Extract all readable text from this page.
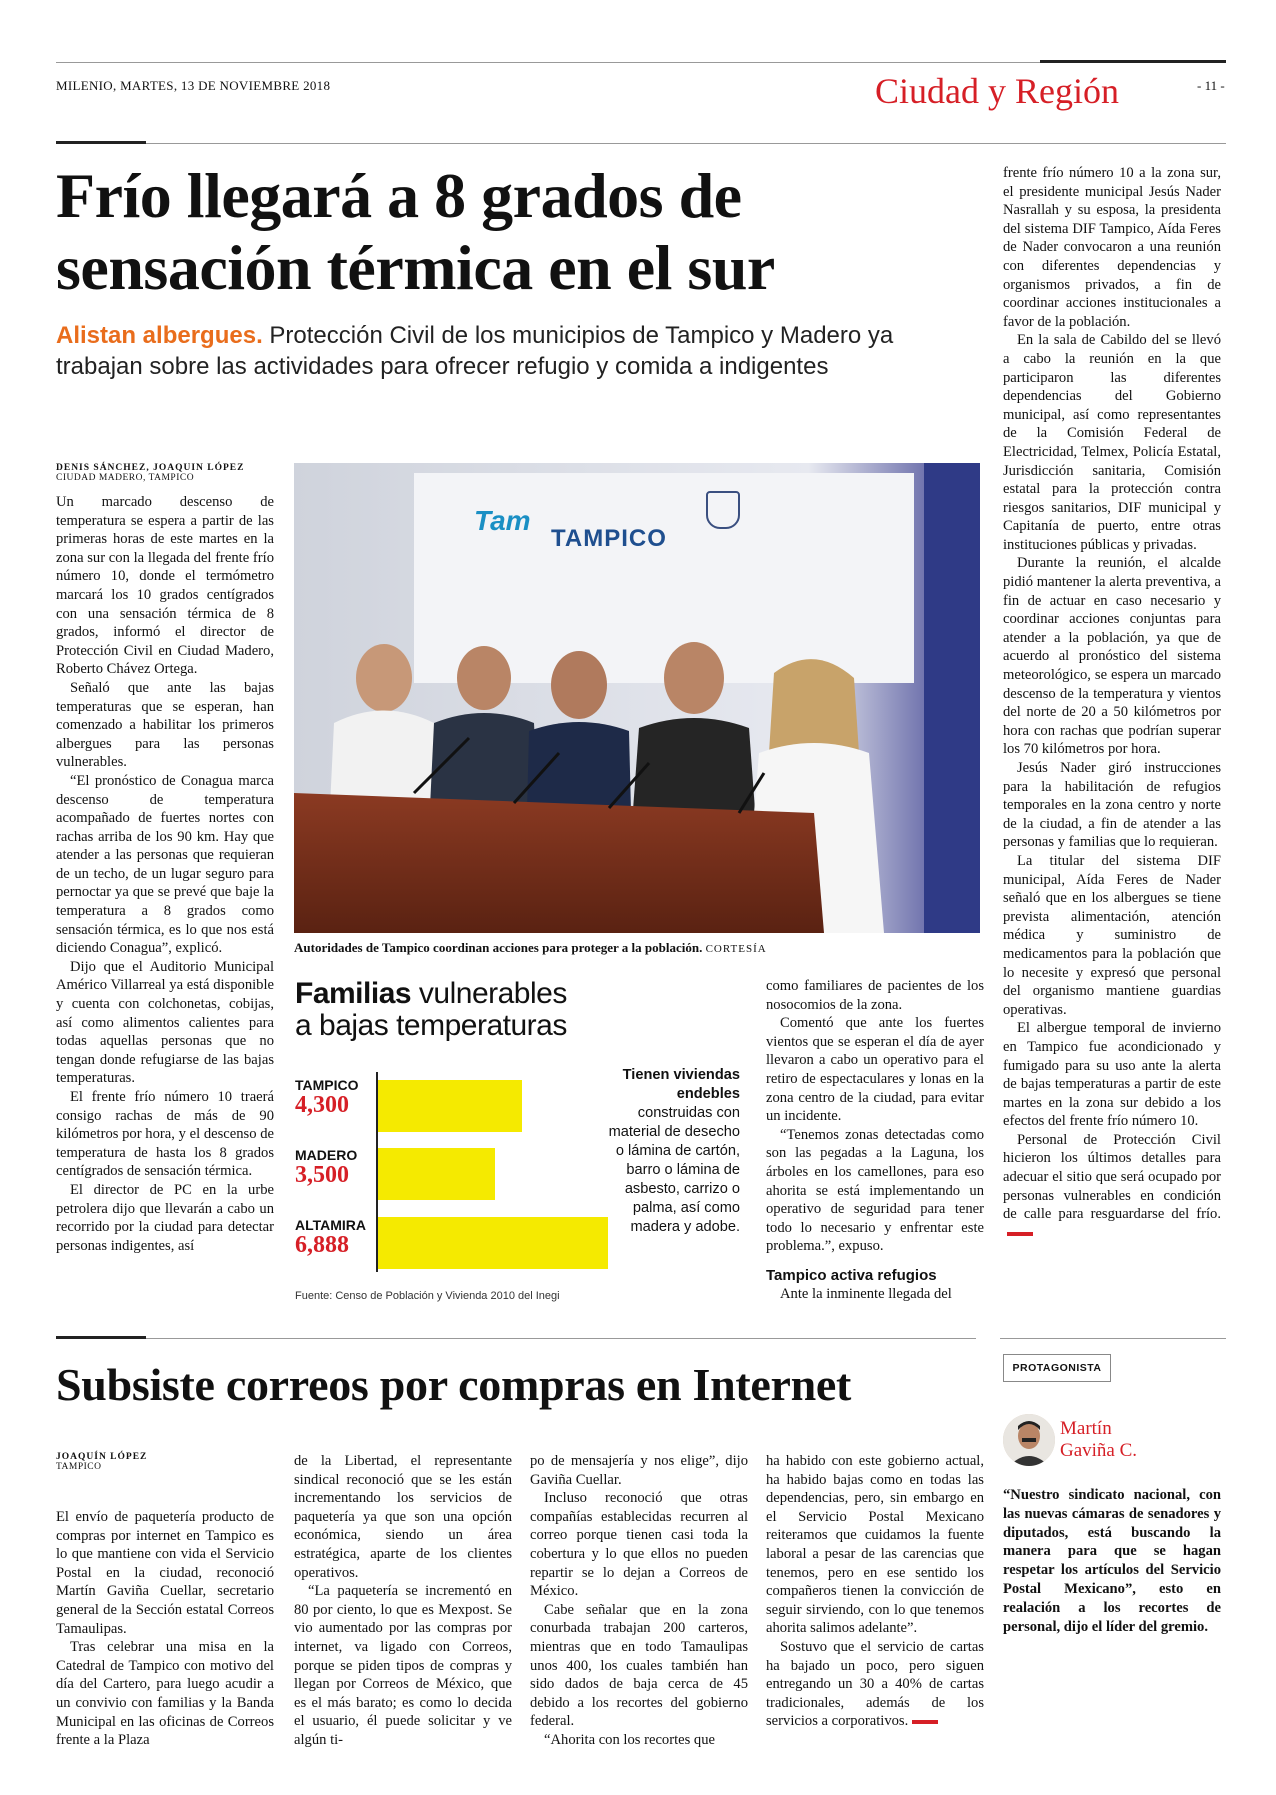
MILENIO, MARTES, 13 DE NOVIEMBRE 2018	Ciudad y Región	- 11 -
Frío llegará a 8 grados de sensación térmica en el sur
Alistan albergues. Protección Civil de los municipios de Tampico y Madero ya trabajan sobre las actividades para ofrecer refugio y comida a indigentes
DENIS SÁNCHEZ, JOAQUIN LÓPEZ
CIUDAD MADERO, TAMPICO

Un marcado descenso de temperatura se espera a partir de las primeras horas de este martes en la zona sur con la llegada del frente frío número 10, donde el termómetro marcará los 10 grados centígrados con una sensación térmica de 8 grados, informó el director de Protección Civil en Ciudad Madero, Roberto Chávez Ortega.

Señaló que ante las bajas temperaturas que se esperan, han comenzado a habilitar los primeros albergues para las personas vulnerables.

“El pronóstico de Conagua marca descenso de temperatura acompañado de fuertes nortes con rachas arriba de los 90 km. Hay que atender a las personas que requieran de un techo, de un lugar seguro para pernoctar ya que se prevé que baje la temperatura a 8 grados como sensación térmica, es lo que nos está diciendo Conagua”, explicó.

Dijo que el Auditorio Municipal Américo Villarreal ya está disponible y cuenta con colchonetas, cobijas, así como alimentos calientes para todas aquellas personas que no tengan donde refugiarse de las bajas temperaturas.

El frente frío número 10 traerá consigo rachas de más de 90 kilómetros por hora, y el descenso de temperatura de hasta los 8 grados centígrados de sensación térmica.

El director de PC en la urbe petrolera dijo que llevarán a cabo un recorrido por la ciudad para detectar personas indigentes, así

Tam
TAMPICO
Autoridades de Tampico coordinan acciones para proteger a la población. CORTESÍA
Familias vulnerables
a bajas temperaturas
TAMPICO
4,300
MADERO
3,500
ALTAMIRA
6,888
Tienen viviendas endebles construidas con material de desecho o lámina de cartón, barro o lámina de asbesto, carrizo o palma, así como madera y adobe.
Fuente: Censo de Población y Vivienda 2010 del Inegi

como familiares de pacientes de los nosocomios de la zona.

Comentó que ante los fuertes vientos que se esperan el día de ayer llevaron a cabo un operativo para el retiro de espectaculares y lonas en la zona centro de la ciudad, para evitar un incidente.

“Tenemos zonas detectadas como son las pegadas a la Laguna, los árboles en los camellones, para eso ahorita se está implementando un operativo de seguridad para tener todo lo necesario y enfrentar este problema.”, expuso.

Tampico activa refugios

Ante la inminente llegada del

frente frío número 10 a la zona sur, el presidente municipal Jesús Nader Nasrallah y su esposa, la presidenta del sistema DIF Tampico, Aída Feres de Nader convocaron a una reunión con diferentes dependencias y organismos privados, a fin de coordinar acciones institucionales a favor de la población.

En la sala de Cabildo del se llevó a cabo la reunión en la que participaron las diferentes dependencias del Gobierno municipal, así como representantes de la Comisión Federal de Electricidad, Telmex, Policía Estatal, Jurisdicción sanitaria, Comisión estatal para la protección contra riesgos sanitarios, DIF municipal y Capitanía de puerto, entre otras instituciones públicas y privadas.

Durante la reunión, el alcalde pidió mantener la alerta preventiva, a fin de actuar en caso necesario y coordinar acciones conjuntas para atender a la población, ya que de acuerdo al pronóstico del sistema meteorológico, se espera un marcado descenso de la temperatura y vientos del norte de 20 a 50 kilómetros por hora con rachas que podrían superar los 70 kilómetros por hora.

Jesús Nader giró instrucciones para la habilitación de refugios temporales en la zona centro y norte de la ciudad, a fin de atender a las personas y familias que lo requieran.

La titular del sistema DIF municipal, Aída Feres de Nader señaló que en los albergues se tiene prevista alimentación, atención médica y suministro de medicamentos para la población que lo necesite y expresó que personal del organismo mantiene guardias operativas.

El albergue temporal de invierno en Tampico fue acondicionado y fumigado para su uso ante la alerta de bajas temperaturas a partir de este martes en la zona sur debido a los efectos del frente frío número 10.

Personal de Protección Civil hicieron los últimos detalles para adecuar el sitio que será ocupado por personas vulnerables en condición de calle para resguardarse del frío.

Subsiste correos por compras en Internet
JOAQUÍN LÓPEZ
TAMPICO

El envío de paquetería producto de compras por internet en Tampico es lo que mantiene con vida el Servicio Postal en la ciudad, reconoció Martín Gaviña Cuellar, secretario general de la Sección estatal Correos Tamaulipas.

Tras celebrar una misa en la Catedral de Tampico con motivo del día del Cartero, para luego acudir a un convivio con familias y la Banda Municipal en las oficinas de Correos frente a la Plaza

de la Libertad, el representante sindical reconoció que se les están incrementando los servicios de paquetería ya que son una opción económica, siendo un área estratégica, aparte de los clientes operativos.

“La paquetería se incrementó en 80 por ciento, lo que es Mexpost. Se vio aumentado por las compras por internet, va ligado con Correos, porque se piden tipos de compras y llegan por Correos de México, que es el más barato; es como lo decida el usuario, él puede solicitar y ve algún ti-

po de mensajería y nos elige”, dijo Gaviña Cuellar.

Incluso reconoció que otras compañías establecidas recurren al correo porque tienen casi toda la cobertura y lo que ellos no pueden repartir se lo dejan a Correos de México.

Cabe señalar que en la zona conurbada trabajan 200 carteros, mientras que en todo Tamaulipas unos 400, los cuales también han sido dados de baja cerca de 45 debido a los recortes del gobierno federal.

“Ahorita con los recortes que

ha habido con este gobierno actual, ha habido bajas como en todas las dependencias, pero, sin embargo en el Servicio Postal Mexicano reiteramos que cuidamos la fuente laboral a pesar de las carencias que tenemos, pero en ese sentido los compañeros tienen la convicción de seguir sirviendo, con lo que tenemos ahorita salimos adelante”.

Sostuvo que el servicio de cartas ha bajado un poco, pero siguen entregando un 30 a 40% de cartas tradicionales, además de los servicios a corporativos.

PROTAGONISTA
Martín
Gaviña C.
“Nuestro sindicato nacional, con las nuevas cámaras de senadores y diputados, está buscando la manera para que se hagan respetar los artículos del Servicio Postal Mexicano”, esto en realación a los recortes de personal, dijo el líder del gremio.
